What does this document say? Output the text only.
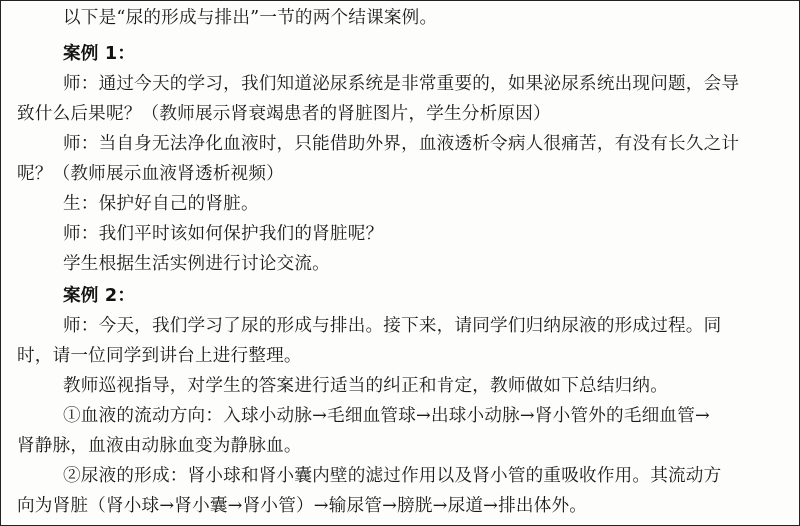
以下是“尿的形成与排出”一节的两个结课案例。
案例 1：
师：通过今天的学习，我们知道泌尿系统是非常重要的，如果泌尿系统出现问题，会导
致什么后果呢？（教师展示肾衰竭患者的肾脏图片，学生分析原因）
师：当自身无法净化血液时，只能借助外界，血液透析令病人很痛苦，有没有长久之计
呢？（教师展示血液肾透析视频）
生：保护好自己的肾脏。
师：我们平时该如何保护我们的肾脏呢？
学生根据生活实例进行讨论交流。
案例 2：
师：今天，我们学习了尿的形成与排出。接下来，请同学们归纳尿液的形成过程。同
时，请一位同学到讲台上进行整理。
教师巡视指导，对学生的答案进行适当的纠正和肯定，教师做如下总结归纳。
①血液的流动方向：入球小动脉→毛细血管球→出球小动脉→肾小管外的毛细血管→
肾静脉，血液由动脉血变为静脉血。
②尿液的形成：肾小球和肾小囊内壁的滤过作用以及肾小管的重吸收作用。其流动方
向为肾脏（肾小球→肾小囊→肾小管）→输尿管→膀胱→尿道→排出体外。
